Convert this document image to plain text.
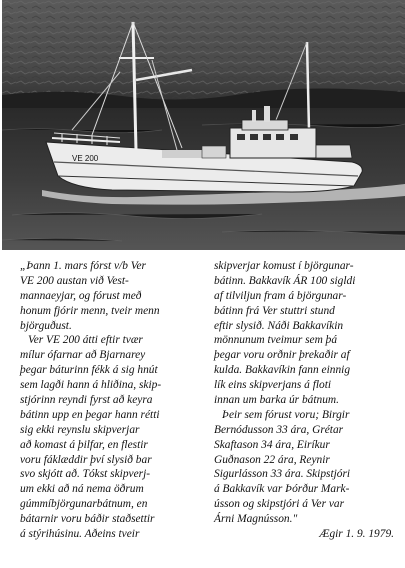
VE 200
„Þann 1. mars fórst v/b Ver
VE 200 austan við Vest-
mannaeyjar, og fórust með
honum fjórir menn, tveir menn
björguðust.
Ver VE 200 átti eftir tvær
mílur ófarnar að Bjarnarey
þegar báturinn fékk á sig hnút
sem lagði hann á hliðina, skip-
stjórinn reyndi fyrst að keyra
bátinn upp en þegar hann rétti
sig ekki reynslu skipverjar
að komast á þilfar, en flestir
voru fáklæddir því slysið bar
svo skjótt að. Tókst skipverj-
um ekki að ná nema öðrum
gúmmíbjörgunarbátnum, en
bátarnir voru báðir staðsettir
á stýrihúsinu. Aðeins tveir
skipverjar komust í björgunar-
bátinn. Bakkavík ÁR 100 sigldi
af tilviljun fram á björgunar-
bátinn frá Ver stuttri stund
eftir slysið. Náði Bakkavíkin
mönnunum tveimur sem þá
þegar voru orðnir þrekaðir af
kulda. Bakkavíkin fann einnig
lík eins skipverjans á floti
innan um barka úr bátnum.
Þeir sem fórust voru; Birgir
Bernódusson 33 ára, Grétar
Skaftason 34 ára, Eiríkur
Guðnason 22 ára, Reynir
Sigurlásson 33 ára. Skipstjóri
á Bakkavík var Þórður Mark-
ússon og skipstjóri á Ver var
Árni Magnússon."
Ægir 1. 9. 1979.
